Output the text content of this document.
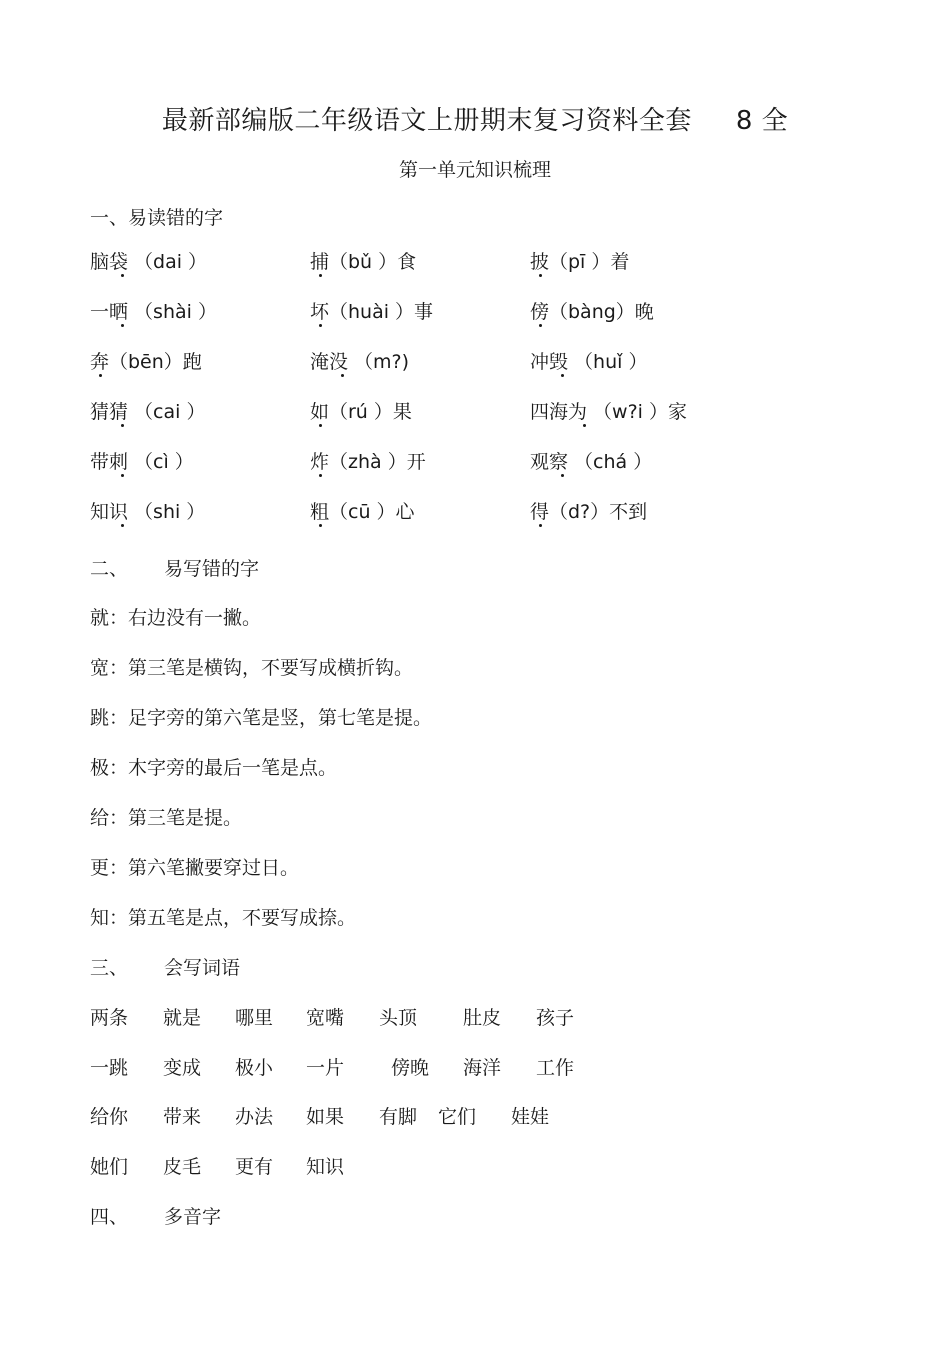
最新部编版二年级语文上册期末复习资料全套 8 全
第一单元知识梳理
一、易读错的字
脑袋 （dai ）	捕（bǔ ）食	披（pī ）着
一晒 （shài ）	坏（huài ）事	傍（bàng）晚
奔（bēn）跑	淹没 （m?)	冲毁 （huǐ ）
猜猜 （cai ）	如（rú ）果	四海为 （w?i ）家
带刺 （cì ）	炸（zhà ）开	观察 （chá ）
知识 （shi ）	粗（cū ）心	得（d?）不到
二、 易写错的字
就：右边没有一撇。
宽：第三笔是横钩，不要写成横折钩。
跳：足字旁的第六笔是竖，第七笔是提。
极：木字旁的最后一笔是点。
给：第三笔是提。
更：第六笔撇要穿过日。
知：第五笔是点，不要写成捺。
三、 会写词语
两条 就是 哪里 宽嘴 头顶 肚皮 孩子
一跳 变成 极小 一片 傍晚 海洋 工作
给你 带来 办法 如果 有脚 它们 娃娃
她们 皮毛 更有 知识
四、 多音字
